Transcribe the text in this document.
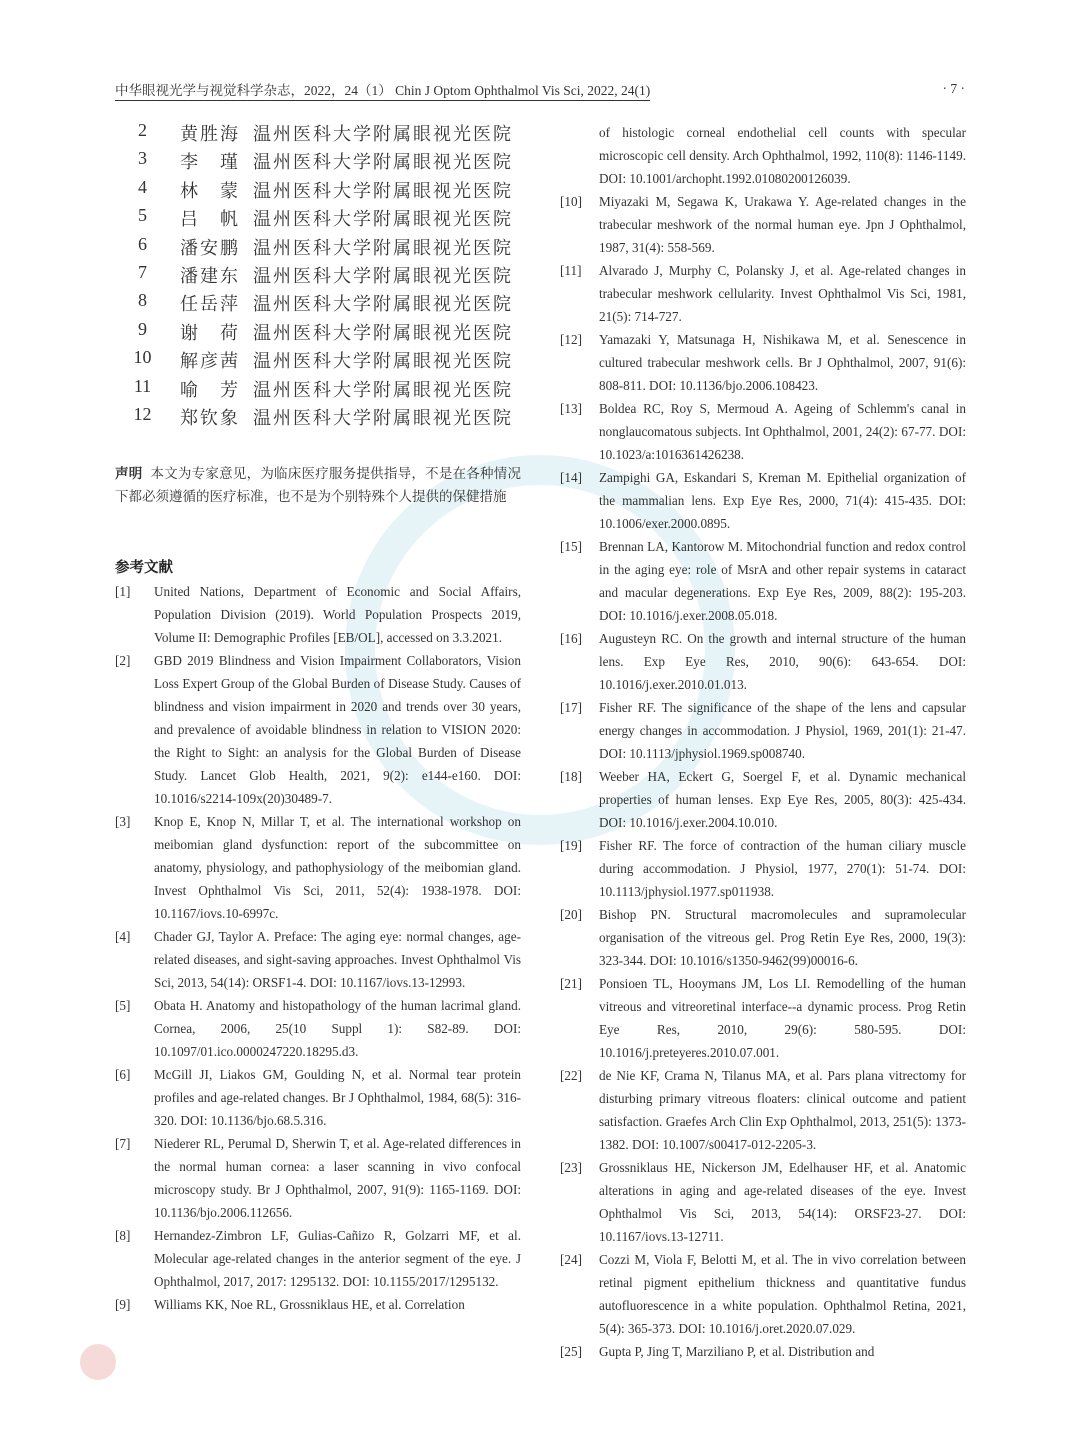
中华眼视光学与视觉科学杂志，2022，24（1） Chin J Optom Ophthalmol Vis Sci, 2022, 24(1)	· 7 ·
2	黄胜海 温州医科大学附属眼视光医院
3	李　瑾 温州医科大学附属眼视光医院
4	林　蒙 温州医科大学附属眼视光医院
5	吕　帆 温州医科大学附属眼视光医院
6	潘安鹏 温州医科大学附属眼视光医院
7	潘建东 温州医科大学附属眼视光医院
8	任岳萍 温州医科大学附属眼视光医院
9	谢　荷 温州医科大学附属眼视光医院
10	解彦茜 温州医科大学附属眼视光医院
11	喻　芳 温州医科大学附属眼视光医院
12	郑钦象 温州医科大学附属眼视光医院
声明 本文为专家意见，为临床医疗服务提供指导，不是在各种情况下都必须遵循的医疗标准，也不是为个别特殊个人提供的保健措施
参考文献
[1] United Nations, Department of Economic and Social Affairs, Population Division (2019). World Population Prospects 2019, Volume II: Demographic Profiles [EB/OL], accessed on 3.3.2021.
[2] GBD 2019 Blindness and Vision Impairment Collaborators, Vision Loss Expert Group of the Global Burden of Disease Study. Causes of blindness and vision impairment in 2020 and trends over 30 years, and prevalence of avoidable blindness in relation to VISION 2020: the Right to Sight: an analysis for the Global Burden of Disease Study. Lancet Glob Health, 2021, 9(2): e144-e160. DOI: 10.1016/s2214-109x(20)30489-7.
[3] Knop E, Knop N, Millar T, et al. The international workshop on meibomian gland dysfunction: report of the subcommittee on anatomy, physiology, and pathophysiology of the meibomian gland. Invest Ophthalmol Vis Sci, 2011, 52(4): 1938-1978. DOI: 10.1167/iovs.10-6997c.
[4] Chader GJ, Taylor A. Preface: The aging eye: normal changes, age-related diseases, and sight-saving approaches. Invest Ophthalmol Vis Sci, 2013, 54(14): ORSF1-4. DOI: 10.1167/iovs.13-12993.
[5] Obata H. Anatomy and histopathology of the human lacrimal gland. Cornea, 2006, 25(10 Suppl 1): S82-89. DOI: 10.1097/01.ico.0000247220.18295.d3.
[6] McGill JI, Liakos GM, Goulding N, et al. Normal tear protein profiles and age-related changes. Br J Ophthalmol, 1984, 68(5): 316-320. DOI: 10.1136/bjo.68.5.316.
[7] Niederer RL, Perumal D, Sherwin T, et al. Age-related differences in the normal human cornea: a laser scanning in vivo confocal microscopy study. Br J Ophthalmol, 2007, 91(9): 1165-1169. DOI: 10.1136/bjo.2006.112656.
[8] Hernandez-Zimbron LF, Gulias-Cañizo R, Golzarri MF, et al. Molecular age-related changes in the anterior segment of the eye. J Ophthalmol, 2017, 2017: 1295132. DOI: 10.1155/2017/1295132.
[9] Williams KK, Noe RL, Grossniklaus HE, et al. Correlation
of histologic corneal endothelial cell counts with specular microscopic cell density. Arch Ophthalmol, 1992, 110(8): 1146-1149. DOI: 10.1001/archopht.1992.01080200126039.
[10] Miyazaki M, Segawa K, Urakawa Y. Age-related changes in the trabecular meshwork of the normal human eye. Jpn J Ophthalmol, 1987, 31(4): 558-569.
[11] Alvarado J, Murphy C, Polansky J, et al. Age-related changes in trabecular meshwork cellularity. Invest Ophthalmol Vis Sci, 1981, 21(5): 714-727.
[12] Yamazaki Y, Matsunaga H, Nishikawa M, et al. Senescence in cultured trabecular meshwork cells. Br J Ophthalmol, 2007, 91(6): 808-811. DOI: 10.1136/bjo.2006.108423.
[13] Boldea RC, Roy S, Mermoud A. Ageing of Schlemm's canal in nonglaucomatous subjects. Int Ophthalmol, 2001, 24(2): 67-77. DOI: 10.1023/a:1016361426238.
[14] Zampighi GA, Eskandari S, Kreman M. Epithelial organization of the mammalian lens. Exp Eye Res, 2000, 71(4): 415-435. DOI: 10.1006/exer.2000.0895.
[15] Brennan LA, Kantorow M. Mitochondrial function and redox control in the aging eye: role of MsrA and other repair systems in cataract and macular degenerations. Exp Eye Res, 2009, 88(2): 195-203. DOI: 10.1016/j.exer.2008.05.018.
[16] Augusteyn RC. On the growth and internal structure of the human lens. Exp Eye Res, 2010, 90(6): 643-654. DOI: 10.1016/j.exer.2010.01.013.
[17] Fisher RF. The significance of the shape of the lens and capsular energy changes in accommodation. J Physiol, 1969, 201(1): 21-47. DOI: 10.1113/jphysiol.1969.sp008740.
[18] Weeber HA, Eckert G, Soergel F, et al. Dynamic mechanical properties of human lenses. Exp Eye Res, 2005, 80(3): 425-434. DOI: 10.1016/j.exer.2004.10.010.
[19] Fisher RF. The force of contraction of the human ciliary muscle during accommodation. J Physiol, 1977, 270(1): 51-74. DOI: 10.1113/jphysiol.1977.sp011938.
[20] Bishop PN. Structural macromolecules and supramolecular organisation of the vitreous gel. Prog Retin Eye Res, 2000, 19(3): 323-344. DOI: 10.1016/s1350-9462(99)00016-6.
[21] Ponsioen TL, Hooymans JM, Los LI. Remodelling of the human vitreous and vitreoretinal interface--a dynamic process. Prog Retin Eye Res, 2010, 29(6): 580-595. DOI: 10.1016/j.preteyeres.2010.07.001.
[22] de Nie KF, Crama N, Tilanus MA, et al. Pars plana vitrectomy for disturbing primary vitreous floaters: clinical outcome and patient satisfaction. Graefes Arch Clin Exp Ophthalmol, 2013, 251(5): 1373-1382. DOI: 10.1007/s00417-012-2205-3.
[23] Grossniklaus HE, Nickerson JM, Edelhauser HF, et al. Anatomic alterations in aging and age-related diseases of the eye. Invest Ophthalmol Vis Sci, 2013, 54(14): ORSF23-27. DOI: 10.1167/iovs.13-12711.
[24] Cozzi M, Viola F, Belotti M, et al. The in vivo correlation between retinal pigment epithelium thickness and quantitative fundus autofluorescence in a white population. Ophthalmol Retina, 2021, 5(4): 365-373. DOI: 10.1016/j.oret.2020.07.029.
[25] Gupta P, Jing T, Marziliano P, et al. Distribution and
